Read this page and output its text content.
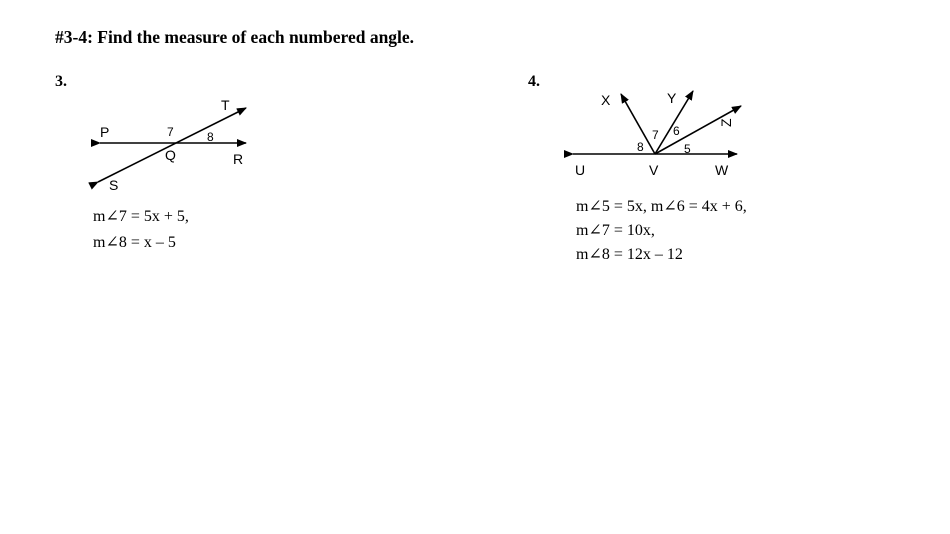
#3-4: Find the measure of each numbered angle.
3.
P
T
Q	R
S
7	8
m∠7 = 5x + 5,
m∠8 = x – 5
4.
X	Y
Z
U	V	W
5
6
7
8
m∠5 = 5x, m∠6 = 4x + 6,
m∠7 = 10x,
m∠8 = 12x – 12
